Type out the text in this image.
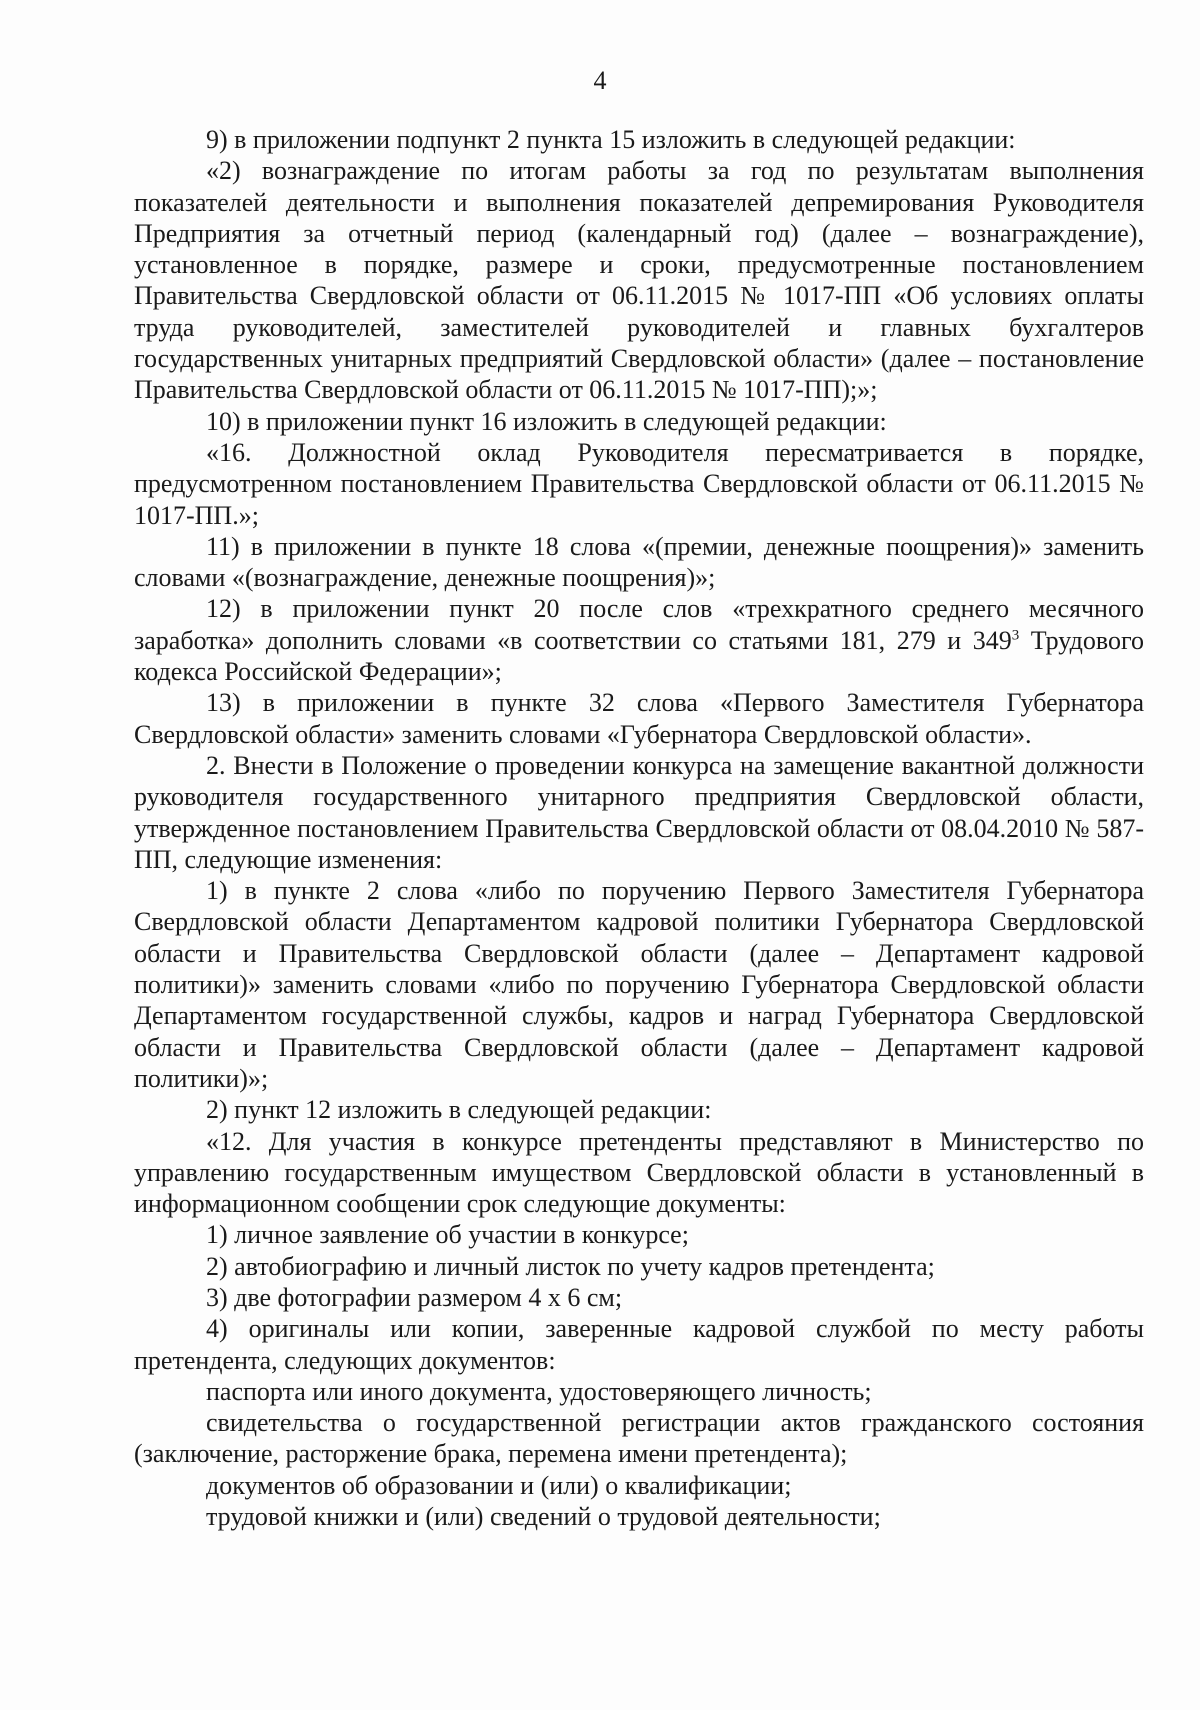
4

9) в приложении подпункт 2 пункта 15 изложить в следующей редакции:

«2) вознаграждение по итогам работы за год по результатам выполнения показателей деятельности и выполнения показателей депремирования Руководителя Предприятия за отчетный период (календарный год) (далее – вознаграждение), установленное в порядке, размере и сроки, предусмотренные постановлением Правительства Свердловской области от 06.11.2015 № 1017-ПП «Об условиях оплаты труда руководителей, заместителей руководителей и главных бухгалтеров государственных унитарных предприятий Свердловской области» (далее – постановление Правительства Свердловской области от 06.11.2015 № 1017-ПП);»;

10) в приложении пункт 16 изложить в следующей редакции:

«16. Должностной оклад Руководителя пересматривается в порядке, предусмотренном постановлением Правительства Свердловской области от 06.11.2015 № 1017-ПП.»;

11) в приложении в пункте 18 слова «(премии, денежные поощрения)» заменить словами «(вознаграждение, денежные поощрения)»;

12) в приложении пункт 20 после слов «трехкратного среднего месячного заработка» дополнить словами «в соответствии со статьями 181, 279 и $349^3$ Трудового кодекса Российской Федерации»;

13) в приложении в пункте 32 слова «Первого Заместителя Губернатора Свердловской области» заменить словами «Губернатора Свердловской области».

2. Внести в Положение о проведении конкурса на замещение вакантной должности руководителя государственного унитарного предприятия Свердловской области, утвержденное постановлением Правительства Свердловской области от 08.04.2010 № 587-ПП, следующие изменения:

1) в пункте 2 слова «либо по поручению Первого Заместителя Губернатора Свердловской области Департаментом кадровой политики Губернатора Свердловской области и Правительства Свердловской области (далее – Департамент кадровой политики)» заменить словами «либо по поручению Губернатора Свердловской области Департаментом государственной службы, кадров и наград Губернатора Свердловской области и Правительства Свердловской области (далее – Департамент кадровой политики)»;

2) пункт 12 изложить в следующей редакции:

«12. Для участия в конкурсе претенденты представляют в Министерство по управлению государственным имуществом Свердловской области в установленный в информационном сообщении срок следующие документы:

1) личное заявление об участии в конкурсе;

2) автобиографию и личный листок по учету кадров претендента;

3) две фотографии размером 4 х 6 см;

4) оригиналы или копии, заверенные кадровой службой по месту работы претендента, следующих документов:

паспорта или иного документа, удостоверяющего личность;

свидетельства о государственной регистрации актов гражданского состояния (заключение, расторжение брака, перемена имени претендента);

документов об образовании и (или) о квалификации;

трудовой книжки и (или) сведений о трудовой деятельности;
